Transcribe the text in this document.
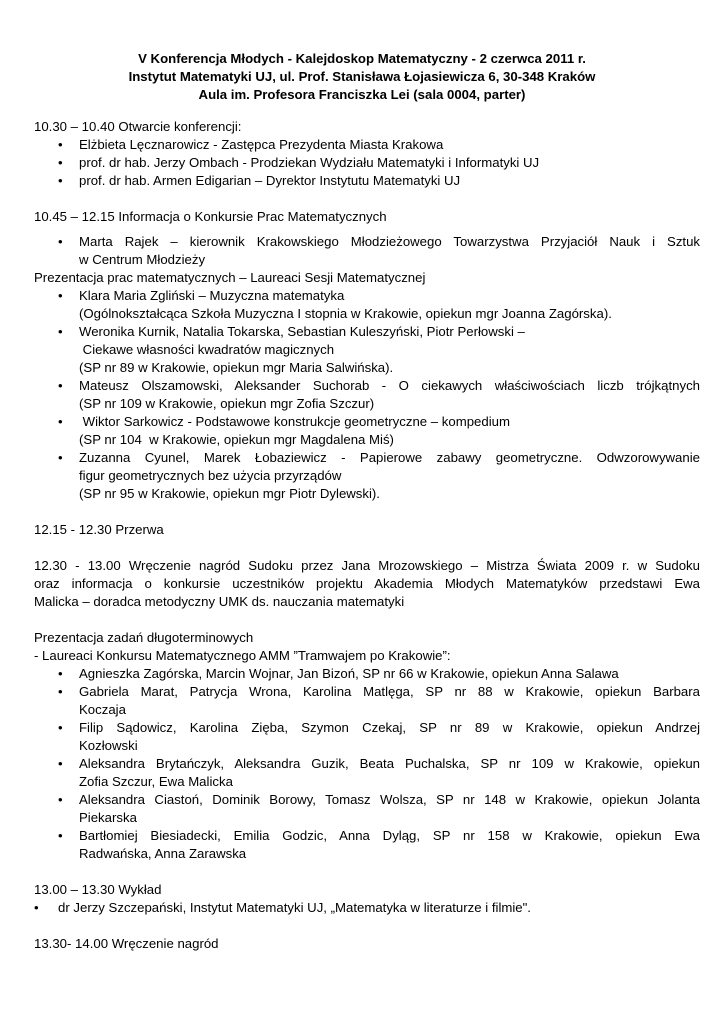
V Konferencja Młodych - Kalejdoskop Matematyczny - 2 czerwca 2011 r.
Instytut Matematyki UJ, ul. Prof. Stanisława Łojasiewicza 6, 30-348 Kraków
Aula im. Profesora Franciszka Lei (sala 0004, parter)
10.30 – 10.40 Otwarcie konferencji:
• Elżbieta Lęcznarowicz - Zastępca Prezydenta Miasta Krakowa
• prof. dr hab. Jerzy Ombach - Prodziekan Wydziału Matematyki i Informatyki UJ
• prof. dr hab. Armen Edigarian – Dyrektor Instytutu Matematyki UJ
10.45 – 12.15 Informacja o Konkursie Prac Matematycznych
• Marta Rajek – kierownik Krakowskiego Młodzieżowego Towarzystwa Przyjaciół Nauk i Sztuk
w Centrum Młodzieży
Prezentacja prac matematycznych – Laureaci Sesji Matematycznej
• Klara Maria Zgliński – Muzyczna matematyka
(Ogólnokształcąca Szkoła Muzyczna I stopnia w Krakowie, opiekun mgr Joanna Zagórska).
• Weronika Kurnik, Natalia Tokarska, Sebastian Kuleszyński, Piotr Perłowski –
Ciekawe własności kwadratów magicznych
(SP nr 89 w Krakowie, opiekun mgr Maria Salwińska).
• Mateusz Olszamowski, Aleksander Suchorab - O ciekawych właściwościach liczb trójkątnych
(SP nr 109 w Krakowie, opiekun mgr Zofia Szczur)
• Wiktor Sarkowicz - Podstawowe konstrukcje geometryczne – kompedium
(SP nr 104  w Krakowie, opiekun mgr Magdalena Miś)
• Zuzanna Cyunel, Marek Łobaziewicz - Papierowe zabawy geometryczne. Odwzorowywanie
figur geometrycznych bez użycia przyrządów
(SP nr 95 w Krakowie, opiekun mgr Piotr Dylewski).
12.15 - 12.30 Przerwa
12.30 - 13.00 Wręczenie nagród Sudoku przez Jana Mrozowskiego – Mistrza Świata 2009 r. w Sudoku
oraz informacja o konkursie uczestników projektu Akademia Młodych Matematyków przedstawi Ewa
Malicka – doradca metodyczny UMK ds. nauczania matematyki
Prezentacja zadań długoterminowych
- Laureaci Konkursu Matematycznego AMM ”Tramwajem po Krakowie”:
• Agnieszka Zagórska, Marcin Wojnar, Jan Bizoń, SP nr 66 w Krakowie, opiekun Anna Salawa
• Gabriela Marat, Patrycja Wrona, Karolina Matlęga, SP nr 88 w Krakowie, opiekun Barbara
Koczaja
• Filip Sądowicz, Karolina Zięba, Szymon Czekaj, SP nr 89 w Krakowie, opiekun Andrzej
Kozłowski
• Aleksandra Brytańczyk, Aleksandra Guzik, Beata Puchalska, SP nr 109 w Krakowie, opiekun
Zofia Szczur, Ewa Malicka
• Aleksandra Ciastoń, Dominik Borowy, Tomasz Wolsza, SP nr 148 w Krakowie, opiekun Jolanta
Piekarska
• Bartłomiej Biesiadecki, Emilia Godzic, Anna Dyląg, SP nr 158 w Krakowie, opiekun Ewa
Radwańska, Anna Zarawska
13.00 – 13.30 Wykład
• dr Jerzy Szczepański, Instytut Matematyki UJ, „Matematyka w literaturze i filmie".
13.30- 14.00 Wręczenie nagród
